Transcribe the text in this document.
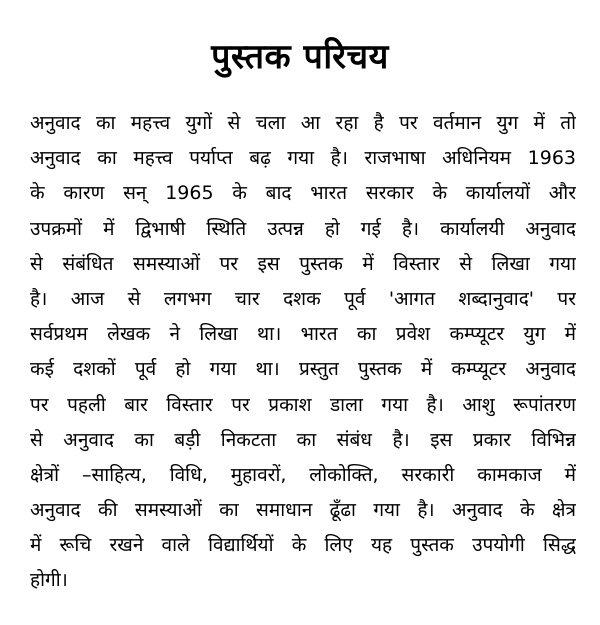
पुस्तक परिचय
अनुवाद का महत्त्व युगों से चला आ रहा है पर वर्तमान युग में तो
अनुवाद का महत्त्व पर्याप्त बढ़ गया है। राजभाषा अधिनियम 1963
के कारण सन् 1965 के बाद भारत सरकार के कार्यालयों और
उपक्रमों में द्विभाषी स्थिति उत्पन्न हो गई है। कार्यालयी अनुवाद
से संबंधित समस्याओं पर इस पुस्तक में विस्तार से लिखा गया
है। आज से लगभग चार दशक पूर्व 'आगत शब्दानुवाद' पर
सर्वप्रथम लेखक ने लिखा था। भारत का प्रवेश कम्प्यूटर युग में
कई दशकों पूर्व हो गया था। प्रस्तुत पुस्तक में कम्प्यूटर अनुवाद
पर पहली बार विस्तार पर प्रकाश डाला गया है। आशु रूपांतरण
से अनुवाद का बड़ी निकटता का संबंध है। इस प्रकार विभिन्न
क्षेत्रों –साहित्य, विधि, मुहावरों, लोकोक्ति, सरकारी कामकाज में
अनुवाद की समस्याओं का समाधान ढूँढा गया है। अनुवाद के क्षेत्र
में रूचि रखने वाले विद्यार्थियों के लिए यह पुस्तक उपयोगी सिद्ध
होगी।
